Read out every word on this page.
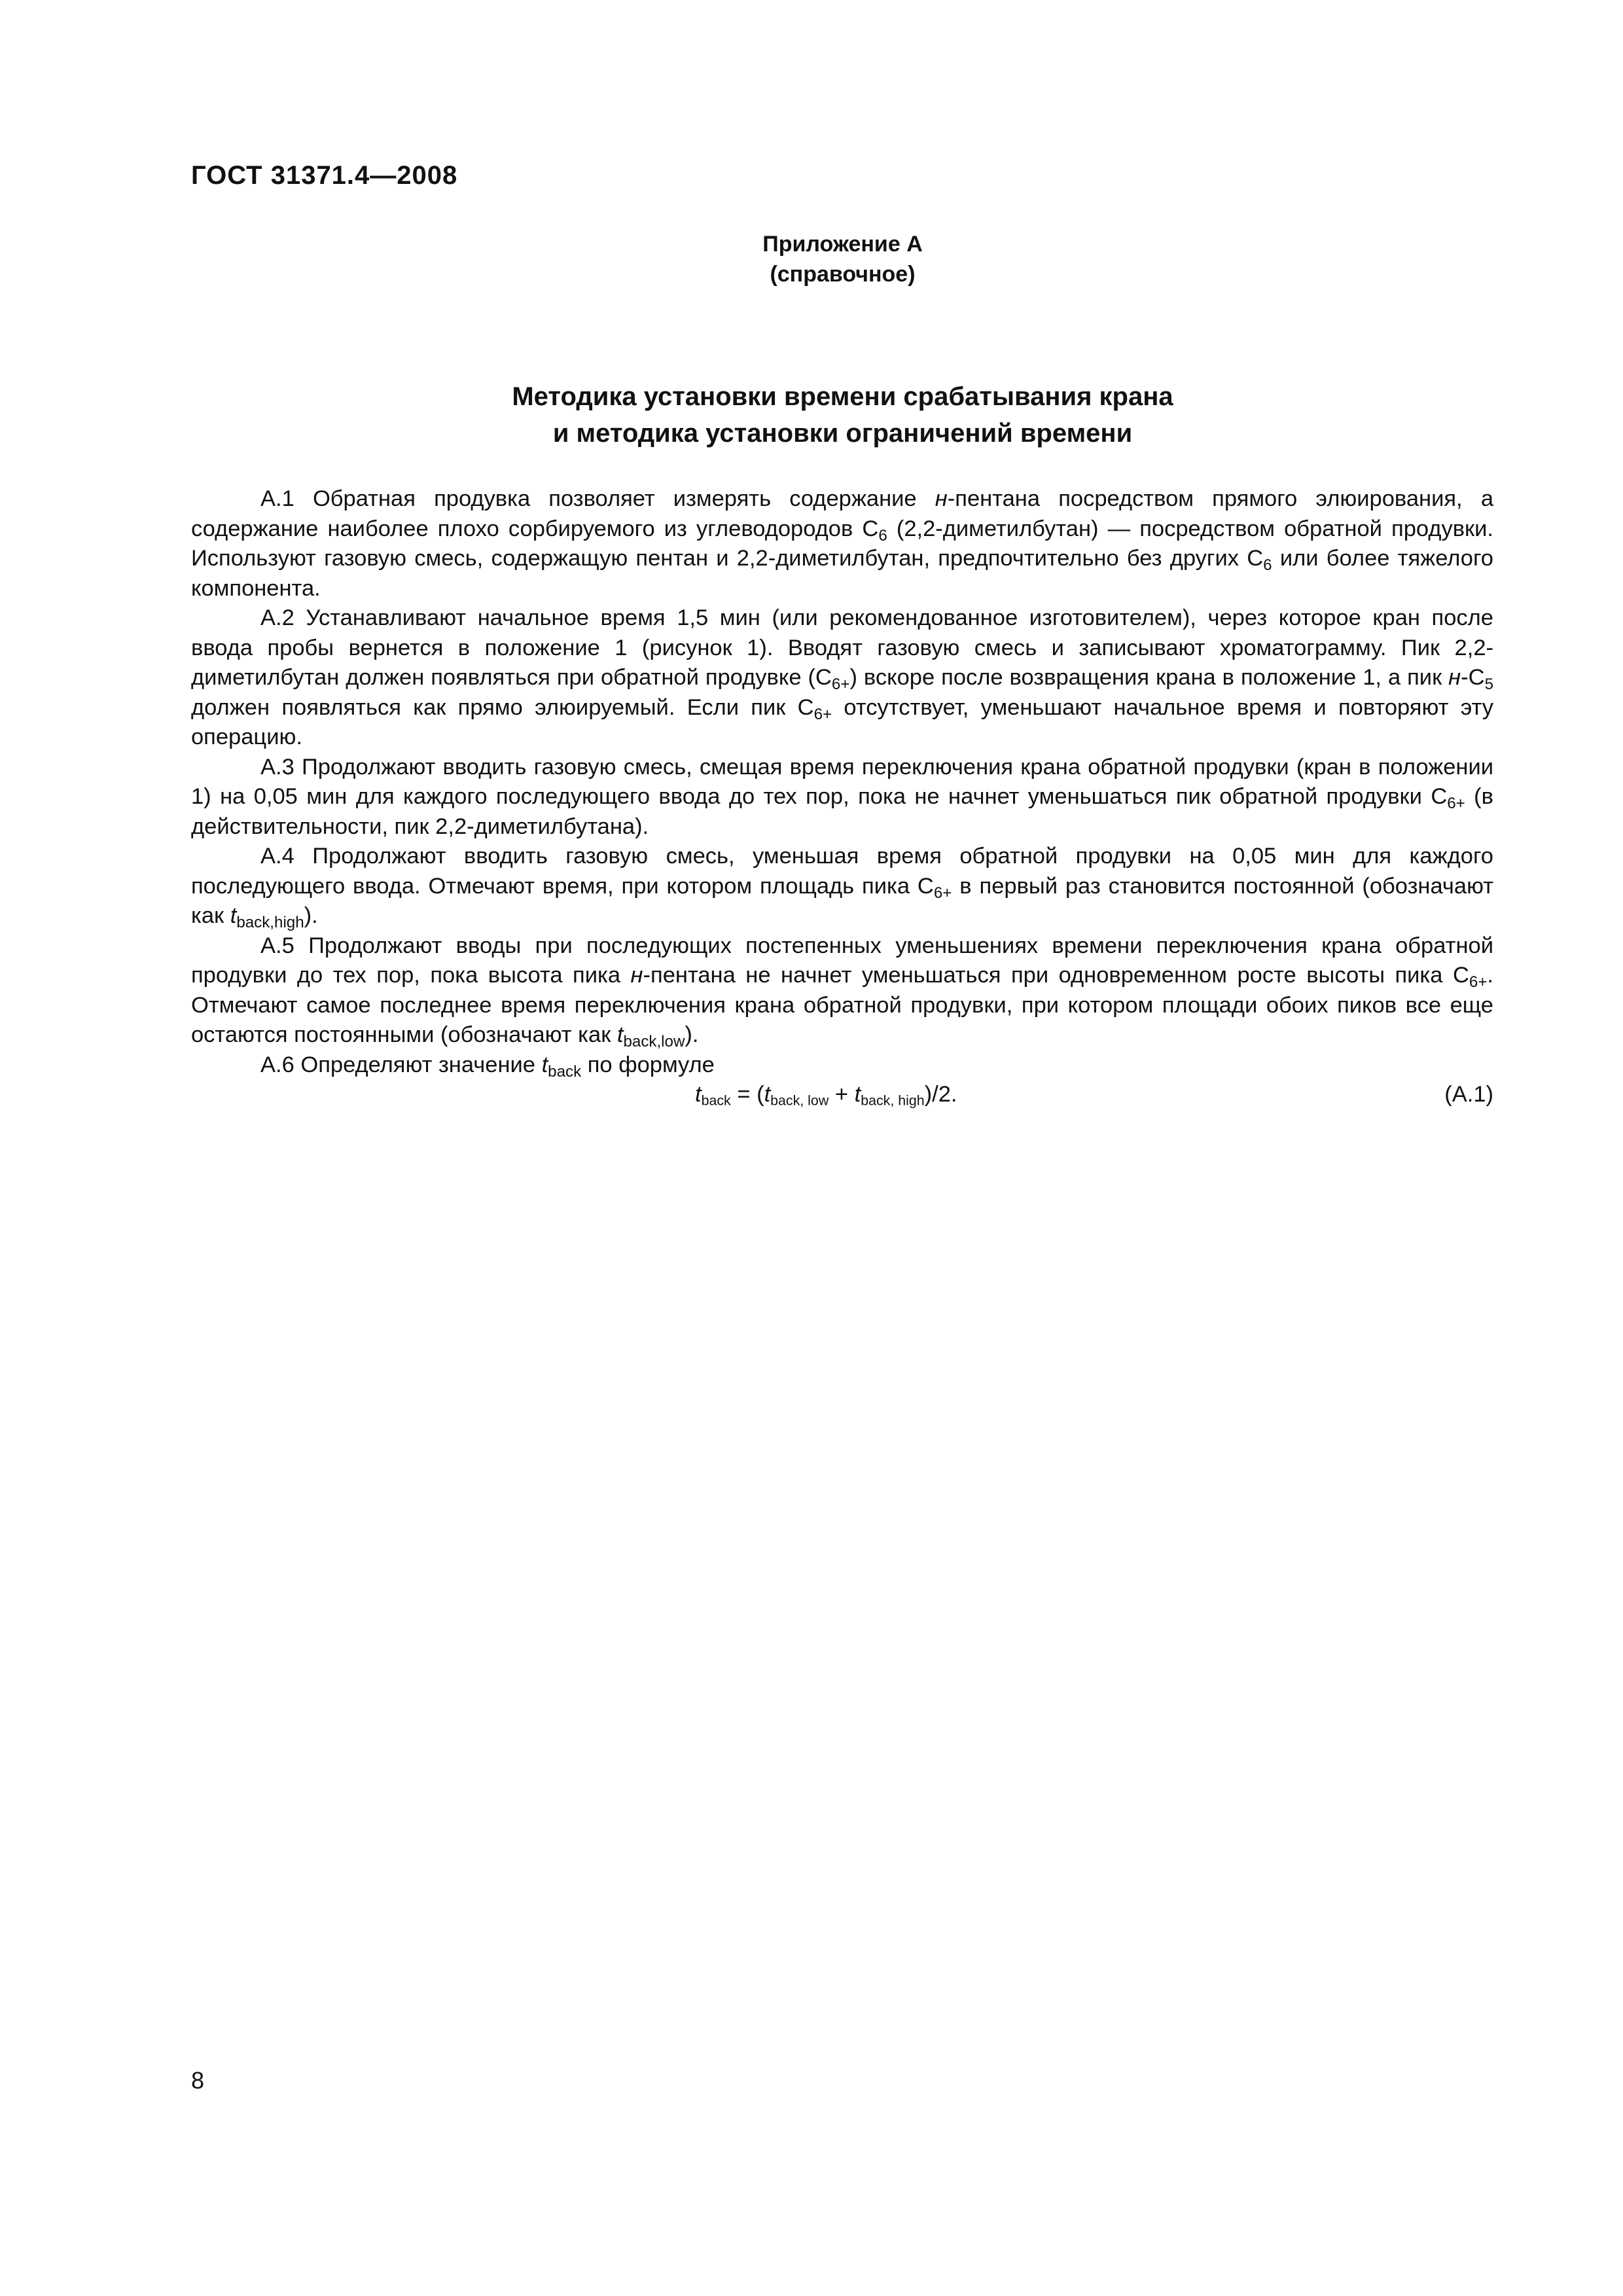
ГОСТ 31371.4—2008
Приложение А
(справочное)
Методика установки времени срабатывания крана
и методика установки ограничений времени

А.1 Обратная продувка позволяет измерять содержание н-пентана посредством прямого элюирования, а содержание наиболее плохо сорбируемого из углеводородов $С_6$ (2,2-диметилбутан) — посредством обратной продувки. Используют газовую смесь, содержащую пентан и 2,2-диметилбутан, предпочтительно без других $С_6$ или более тяжелого компонента.

А.2 Устанавливают начальное время 1,5 мин (или рекомендованное изготовителем), через которое кран после ввода пробы вернется в положение 1 (рисунок 1). Вводят газовую смесь и записывают хроматограмму. Пик 2,2-диметилбутан должен появляться при обратной продувке $(С_{6+})$ вскоре после возвращения крана в положение 1, а пик $н-С_5$ должен появляться как прямо элюируемый. Если пик $С_{6+}$ отсутствует, уменьшают начальное время и повторяют эту операцию.

А.3 Продолжают вводить газовую смесь, смещая время переключения крана обратной продувки (кран в положении 1) на 0,05 мин для каждого последующего ввода до тех пор, пока не начнет уменьшаться пик обратной продувки $С_{6+}$ (в действительности, пик 2,2-диметилбутана).

А.4 Продолжают вводить газовую смесь, уменьшая время обратной продувки на 0,05 мин для каждого последующего ввода. Отмечают время, при котором площадь пика $С_{6+}$ в первый раз становится постоянной (обозначают как $t_{back,high}$).

А.5 Продолжают вводы при последующих постепенных уменьшениях времени переключения крана обратной продувки до тех пор, пока высота пика н-пентана не начнет уменьшаться при одновременном росте высоты пика $С_{6+}$. Отмечают самое последнее время переключения крана обратной продувки, при котором площади обоих пиков все еще остаются постоянными (обозначают как $t_{back,low}$).

А.6 Определяют значение $t_{back}$ по формуле

tback = (tback, low + tback, high)/2.	(А.1)
8
